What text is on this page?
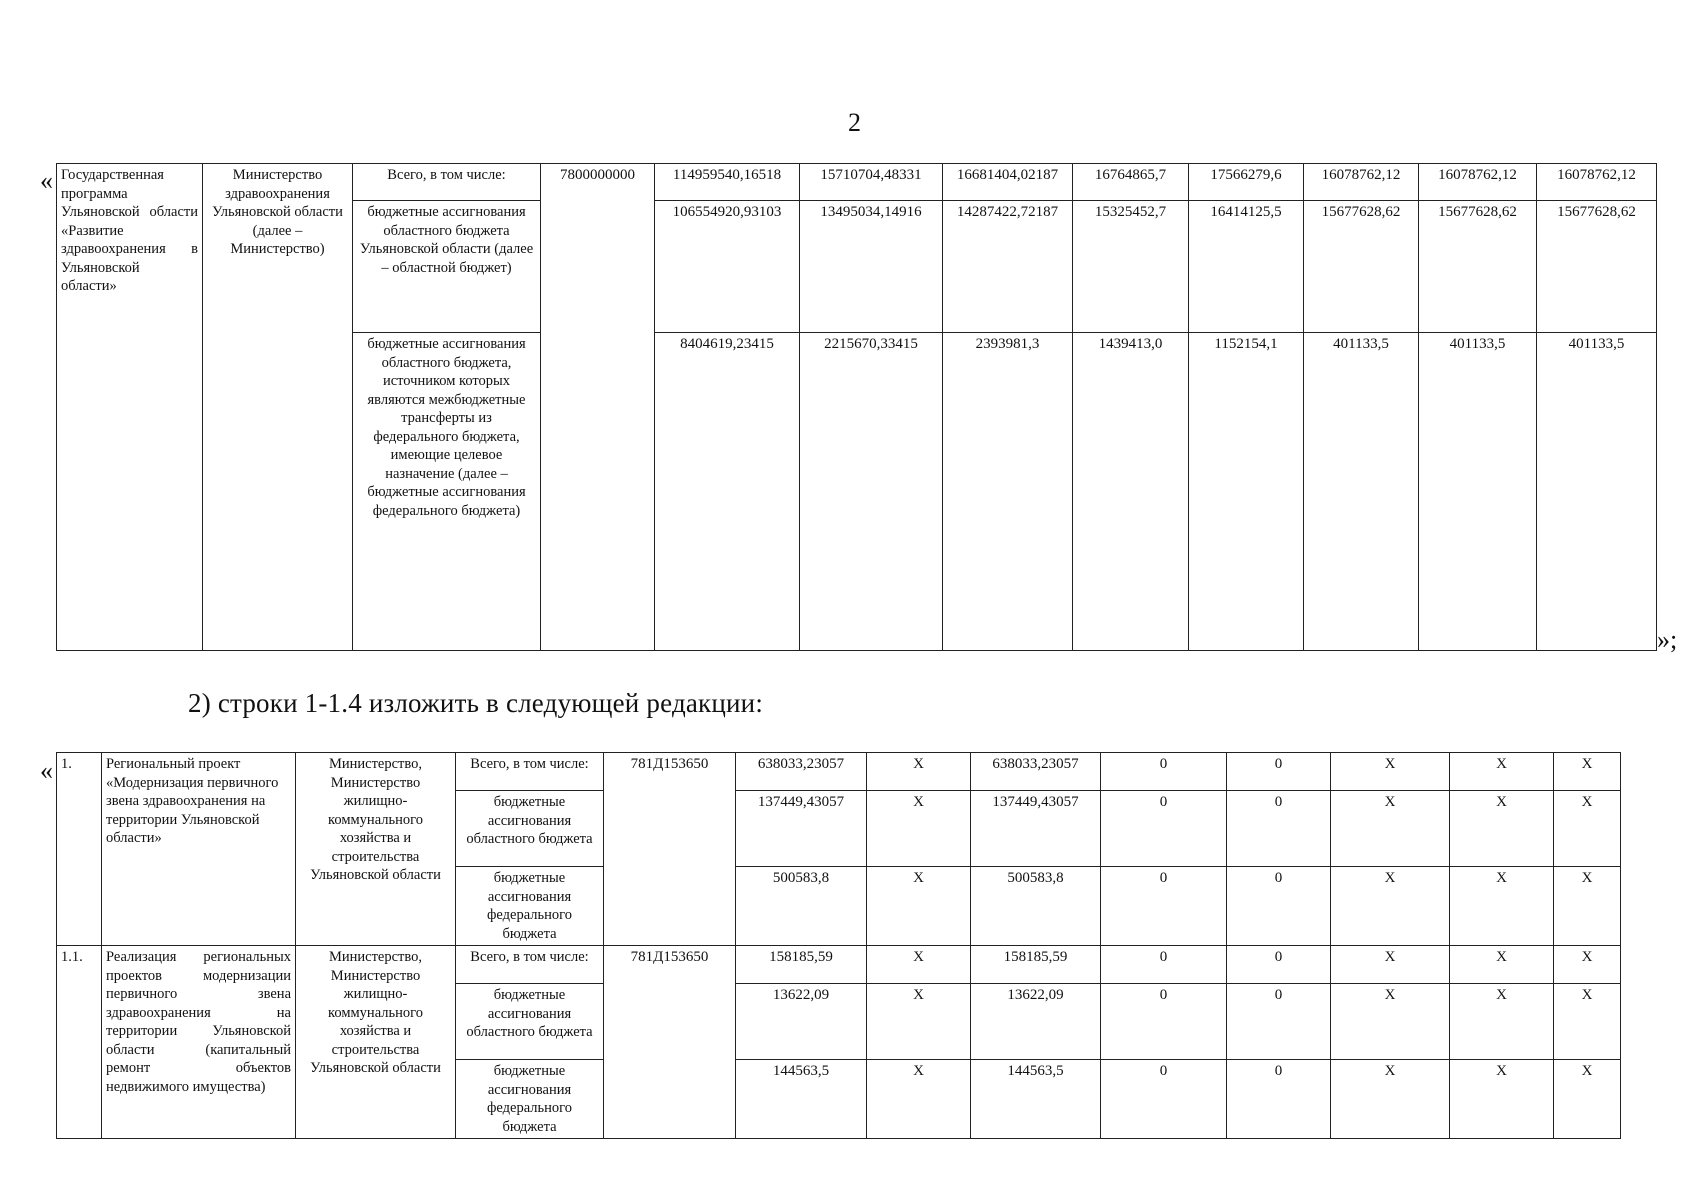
2
« Государственная программа Ульяновской области «Развитие здравоохранения в Ульяновской области»	Министерство здравоохранения Ульяновской области (далее – Министерство)	Всего, в том числе:	7800000000	114959540,16518	15710704,48331	16681404,02187	16764865,7	17566279,6	16078762,12	16078762,12	16078762,12
		бюджетные ассигнования областного бюджета Ульяновской области (далее – областной бюджет)		106554920,93103	13495034,14916	14287422,72187	15325452,7	16414125,5	15677628,62	15677628,62	15677628,62
		бюджетные ассигнования областного бюджета, источником которых являются межбюджетные трансферты из федерального бюджета, имеющие целевое назначение (далее – бюджетные ассигнования федерального бюджета)		8404619,23415	2215670,33415	2393981,3	1439413,0	1152154,1	401133,5	401133,5	401133,5
»;
2) строки 1-1.4 изложить в следующей редакции:
« 1.	Региональный проект «Модернизация первичного звена здравоохранения на территории Ульяновской области»	Министерство, Министерство жилищно-коммунального хозяйства и строительства Ульяновской области	Всего, в том числе:	781Д153650	638033,23057	X	638033,23057	0	0	X	X	X
			бюджетные ассигнования областного бюджета		137449,43057	X	137449,43057	0	0	X	X	X
			бюджетные ассигнования федерального бюджета		500583,8	X	500583,8	0	0	X	X	X
1.1.	Реализация региональных проектов модернизации первичного звена здравоохранения на территории Ульяновской области (капитальный ремонт объектов недвижимого имущества)	Министерство, Министерство жилищно-коммунального хозяйства и строительства Ульяновской области	Всего, в том числе:	781Д153650	158185,59	X	158185,59	0	0	X	X	X
			бюджетные ассигнования областного бюджета		13622,09	X	13622,09	0	0	X	X	X
			бюджетные ассигнования федерального бюджета		144563,5	X	144563,5	0	0	X	X	X
